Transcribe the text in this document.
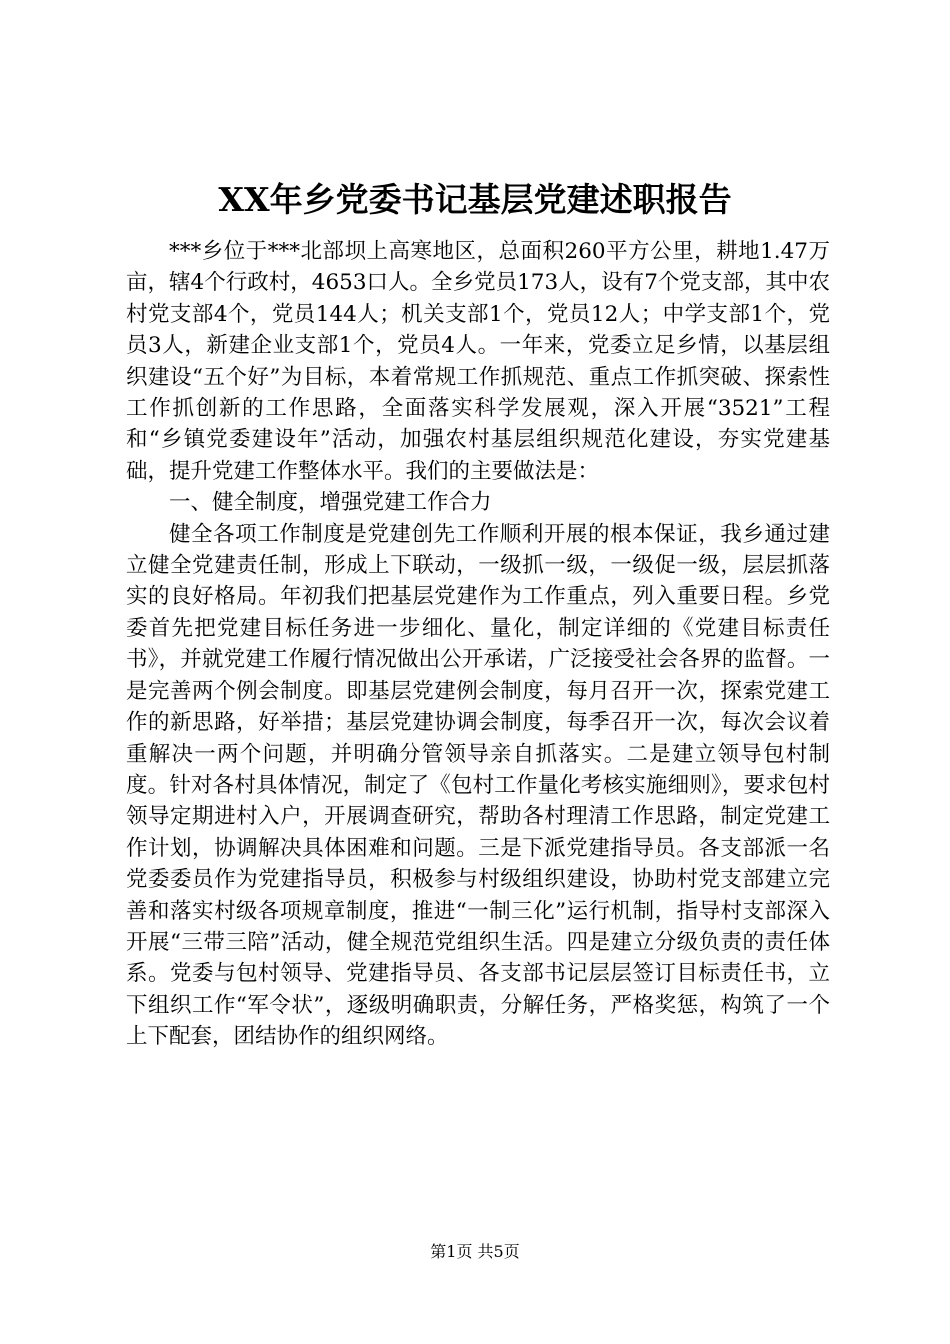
XX年乡党委书记基层党建述职报告

***乡位于***北部坝上高寒地区，总面积260平方公里，耕地1.47万亩，辖4个行政村，4653口人。全乡党员173人，设有7个党支部，其中农村党支部4个，党员144人；机关支部1个，党员12人；中学支部1个，党员3人，新建企业支部1个，党员4人。一年来，党委立足乡情，以基层组织建设“五个好”为目标，本着常规工作抓规范、重点工作抓突破、探索性工作抓创新的工作思路，全面落实科学发展观，深入开展“3521”工程和“乡镇党委建设年”活动，加强农村基层组织规范化建设，夯实党建基础，提升党建工作整体水平。我们的主要做法是：

一、健全制度，增强党建工作合力

健全各项工作制度是党建创先工作顺利开展的根本保证，我乡通过建立健全党建责任制，形成上下联动，一级抓一级，一级促一级，层层抓落实的良好格局。年初我们把基层党建作为工作重点，列入重要日程。乡党委首先把党建目标任务进一步细化、量化，制定详细的《党建目标责任书》，并就党建工作履行情况做出公开承诺，广泛接受社会各界的监督。一是完善两个例会制度。即基层党建例会制度，每月召开一次，探索党建工作的新思路，好举措；基层党建协调会制度，每季召开一次，每次会议着重解决一两个问题，并明确分管领导亲自抓落实。二是建立领导包村制度。针对各村具体情况，制定了《包村工作量化考核实施细则》，要求包村领导定期进村入户，开展调查研究，帮助各村理清工作思路，制定党建工作计划，协调解决具体困难和问题。三是下派党建指导员。各支部派一名党委委员作为党建指导员，积极参与村级组织建设，协助村党支部建立完善和落实村级各项规章制度，推进“一制三化”运行机制，指导村支部深入开展“三带三陪”活动，健全规范党组织生活。四是建立分级负责的责任体系。党委与包村领导、党建指导员、各支部书记层层签订目标责任书，立下组织工作“军令状”，逐级明确职责，分解任务，严格奖惩，构筑了一个上下配套，团结协作的组织网络。

第1页 共5页
